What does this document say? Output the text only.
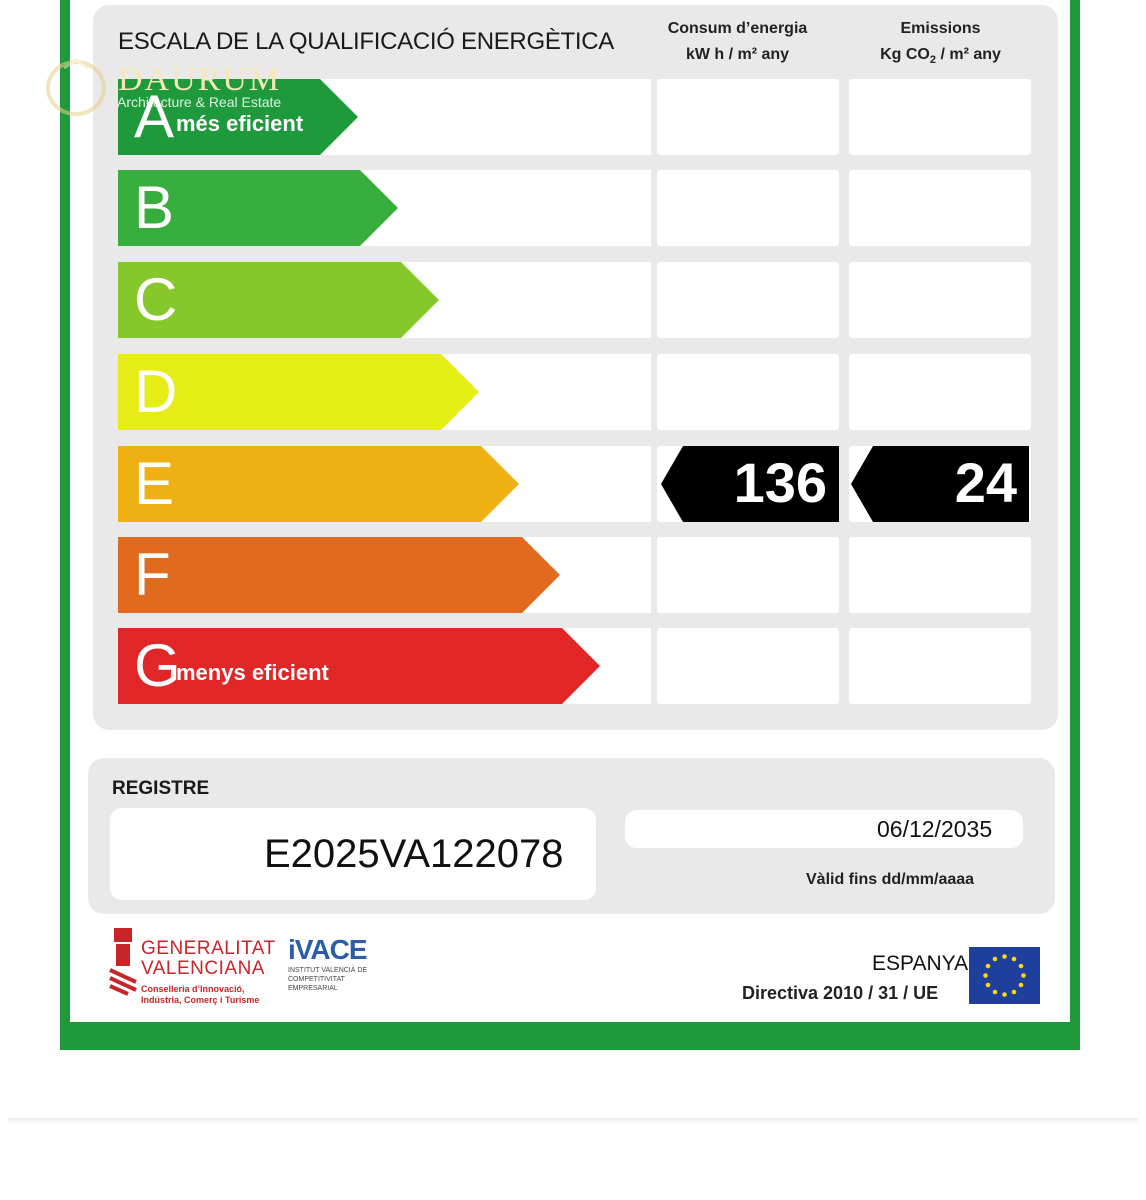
ESCALA DE LA QUALIFICACIÓ ENERGÈTICA	Consum d’energia
kW h / m² any
Emissions
Kg $CO_2 / m^2$ any
A més eficient
B
C
D
E	136 24
F
G
menys eficient
DAURUM
Architecture & Real Estate
REGISTRE
E2025VA122078
06/12/2035
Vàlid fins dd/mm/aaaa
GENERALITAT
VALENCIANA
Conselleria d’Innovació,
Indústria, Comerç i Turisme
iVACE
INSTITUT VALENCIÀ DE COMPETITIVITAT EMPRESARIAL
ESPANYA
Directiva 2010 / 31 / UE
